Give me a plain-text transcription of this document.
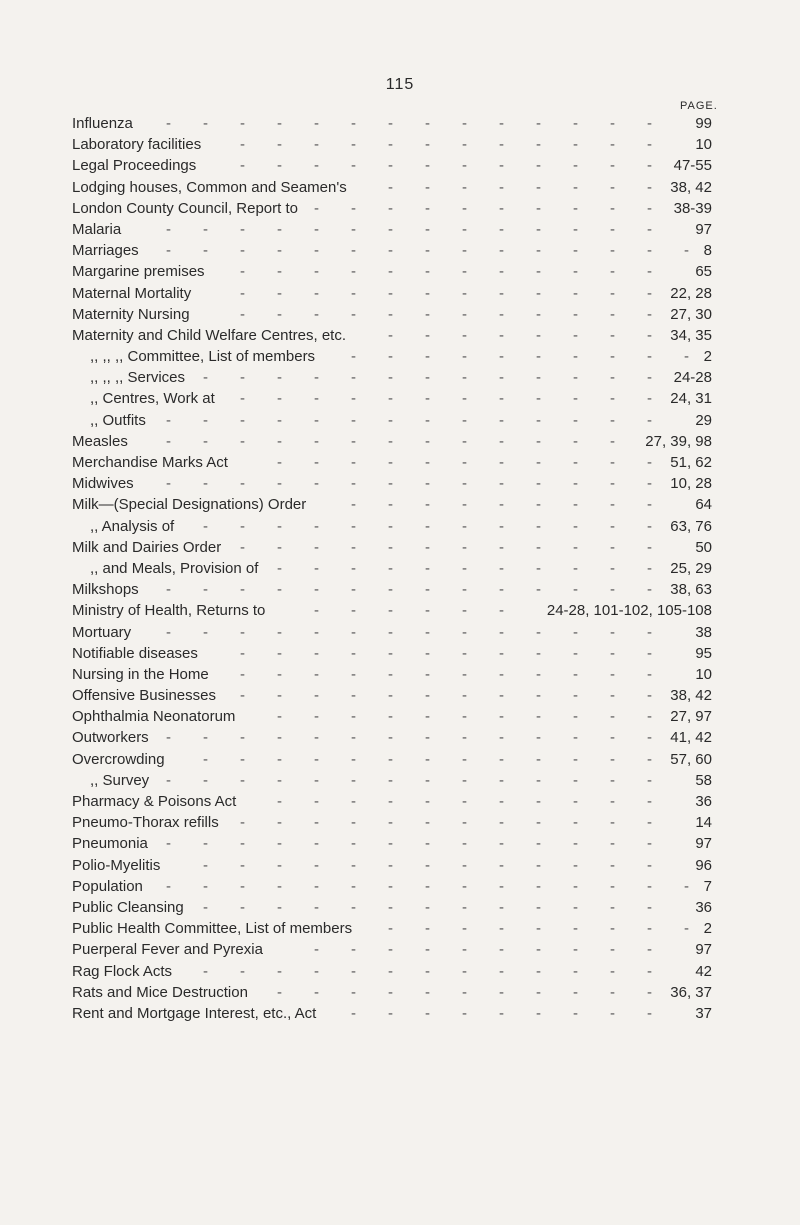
115
PAGE.
- - - - - - - - - - - - - -
Influenza	99
- - - - - - - - - - - -
Laboratory facilities	10
- - - - - - - - - - - -
Legal Proceedings	47-55
- - - - - - - -
Lodging houses, Common and Seamen's	38, 42
- - - - - - - - - -
London County Council, Report to	38-39
- - - - - - - - - - - - - -
Malaria	97
- - - - - - - - - - - - - - -
Marriages	8
- - - - - - - - - - - -
Margarine premises	65
- - - - - - - - - - - -
Maternal Mortality	22, 28
- - - - - - - - - - - -
Maternity Nursing	27, 30
- - - - - - - -
Maternity and Child Welfare Centres, etc.	34, 35
- - - - - - - - - -
,, ,, ,, Committee, List of members	2
- - - - - - - - - - - - -
,, ,, ,, Services	24-28
- - - - - - - - - - - -
,, Centres, Work at	24, 31
- - - - - - - - - - - - - -
,, Outfits	29
- - - - - - - - - - - - -
Measles	27, 39, 98
- - - - - - - - - - -
Merchandise Marks Act	51, 62
- - - - - - - - - - - - - -
Midwives	10, 28
- - - - - - - - -
Milk—(Special Designations) Order	64
- - - - - - - - - - - - -
,, Analysis of	63, 76
- - - - - - - - - - - -
Milk and Dairies Order	50
- - - - - - - - - - -
,, and Meals, Provision of	25, 29
- - - - - - - - - - - - - -
Milkshops	38, 63
- - - - - -
Ministry of Health, Returns to	24-28, 101-102, 105-108
- - - - - - - - - - - - - -
Mortuary	38
- - - - - - - - - - - -
Notifiable diseases	95
- - - - - - - - - - - -
Nursing in the Home	10
- - - - - - - - - - - -
Offensive Businesses	38, 42
- - - - - - - - - - -
Ophthalmia Neonatorum	27, 97
- - - - - - - - - - - - - -
Outworkers	41, 42
- - - - - - - - - - - - -
Overcrowding	57, 60
- - - - - - - - - - - - - -
,, Survey	58
- - - - - - - - - - -
Pharmacy & Poisons Act	36
- - - - - - - - - - - -
Pneumo-Thorax refills	14
- - - - - - - - - - - - - -
Pneumonia	97
- - - - - - - - - - - - -
Polio-Myelitis	96
- - - - - - - - - - - - - - -
Population	7
- - - - - - - - - - - - -
Public Cleansing	36
- - - - - - - - -
Public Health Committee, List of members	2
- - - - - - - - - -
Puerperal Fever and Pyrexia	97
- - - - - - - - - - - - -
Rag Flock Acts	42
- - - - - - - - - - -
Rats and Mice Destruction	36, 37
- - - - - - - - -
Rent and Mortgage Interest, etc., Act	37
